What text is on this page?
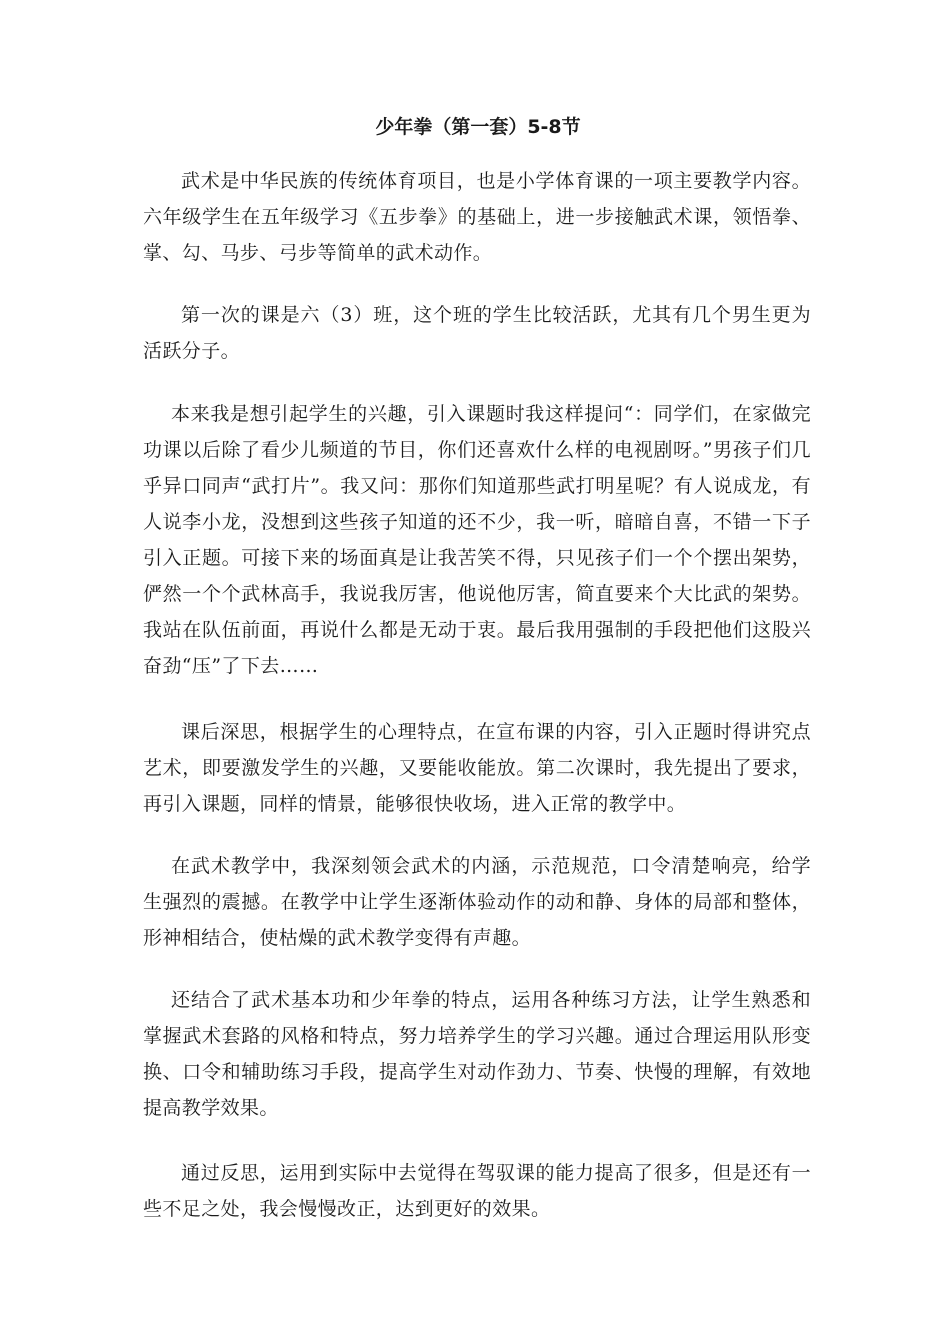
少年拳（第一套）5-8节

武术是中华民族的传统体育项目，也是小学体育课的一项主要教学内容。六年级学生在五年级学习《五步拳》的基础上，进一步接触武术课，领悟拳、掌、勾、马步、弓步等简单的武术动作。

第一次的课是六（3）班，这个班的学生比较活跃，尤其有几个男生更为活跃分子。

本来我是想引起学生的兴趣，引入课题时我这样提问“：同学们，在家做完功课以后除了看少儿频道的节目，你们还喜欢什么样的电视剧呀。”男孩子们几乎异口同声“武打片”。我又问：那你们知道那些武打明星呢？有人说成龙，有人说李小龙，没想到这些孩子知道的还不少，我一听，暗暗自喜，不错一下子引入正题。可接下来的场面真是让我苦笑不得，只见孩子们一个个摆出架势，俨然一个个武林高手，我说我厉害，他说他厉害，简直要来个大比武的架势。我站在队伍前面，再说什么都是无动于衷。最后我用强制的手段把他们这股兴奋劲“压”了下去……

课后深思，根据学生的心理特点，在宣布课的内容，引入正题时得讲究点艺术，即要激发学生的兴趣，又要能收能放。第二次课时，我先提出了要求，再引入课题，同样的情景，能够很快收场，进入正常的教学中。

在武术教学中，我深刻领会武术的内涵，示范规范，口令清楚响亮，给学生强烈的震撼。在教学中让学生逐渐体验动作的动和静、身体的局部和整体，形神相结合，使枯燥的武术教学变得有声趣。

还结合了武术基本功和少年拳的特点，运用各种练习方法，让学生熟悉和掌握武术套路的风格和特点，努力培养学生的学习兴趣。通过合理运用队形变换、口令和辅助练习手段，提高学生对动作劲力、节奏、快慢的理解，有效地提高教学效果。

通过反思，运用到实际中去觉得在驾驭课的能力提高了很多，但是还有一些不足之处，我会慢慢改正，达到更好的效果。
